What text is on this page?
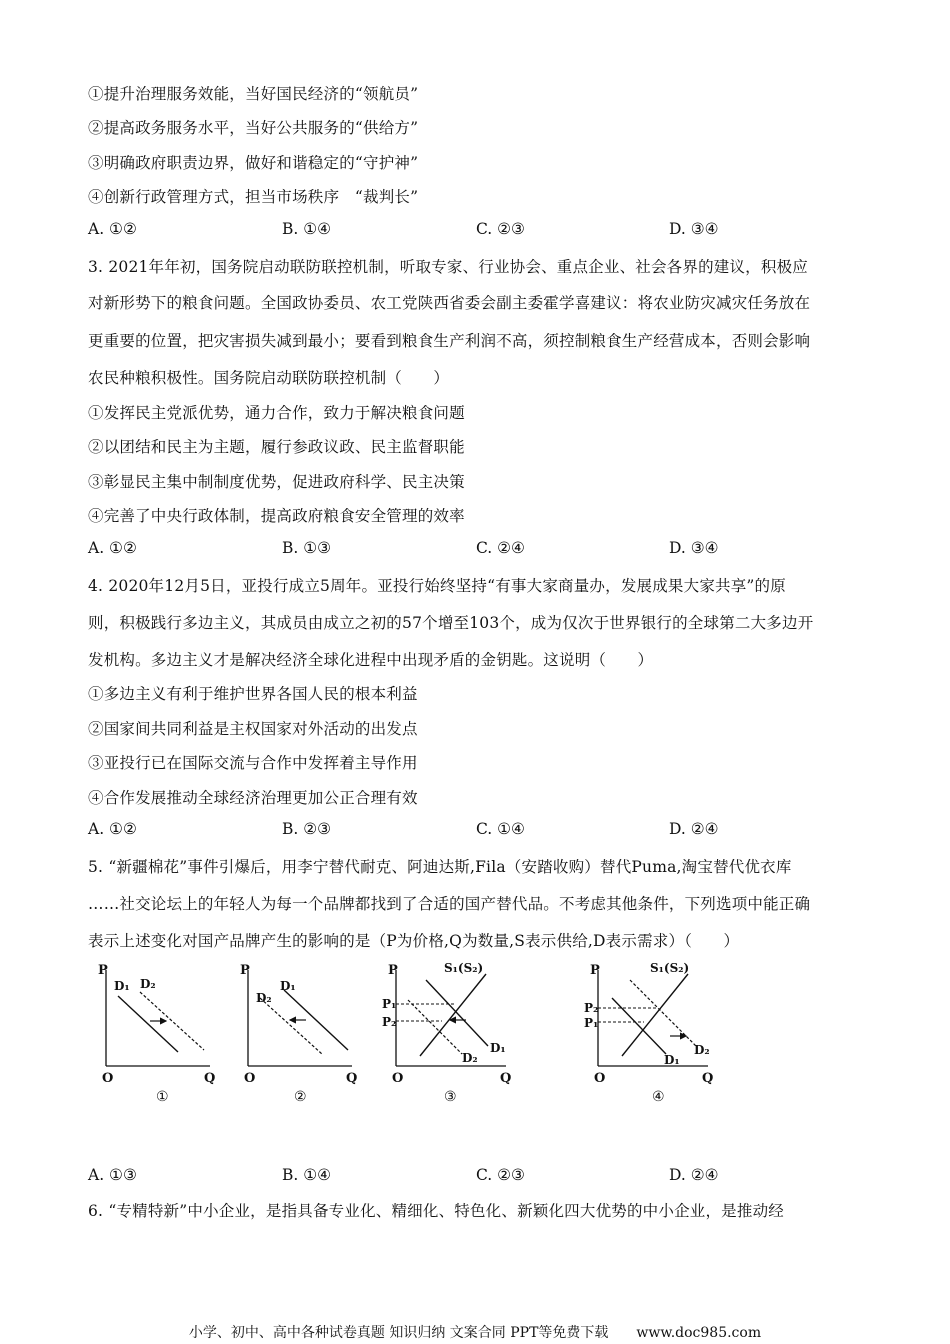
①提升治理服务效能，当好国民经济的“领航员”
②提高政务服务水平，当好公共服务的“供给方”
③明确政府职责边界，做好和谐稳定的“守护神”
④创新行政管理方式，担当市场秩序　“裁判长”
A. ①②	B. ①④	C. ②③	D. ③④
3. 2021年年初，国务院启动联防联控机制，听取专家、行业协会、重点企业、社会各界的建议，积极应
对新形势下的粮食问题。全国政协委员、农工党陕西省委会副主委霍学喜建议：将农业防灾减灾任务放在
更重要的位置，把灾害损失减到最小；要看到粮食生产利润不高，须控制粮食生产经营成本，否则会影响
农民种粮积极性。国务院启动联防联控机制（　　）
①发挥民主党派优势，通力合作，致力于解决粮食问题
②以团结和民主为主题，履行参政议政、民主监督职能
③彰显民主集中制制度优势，促进政府科学、民主决策
④完善了中央行政体制，提高政府粮食安全管理的效率
A. ①②	B. ①③	C. ②④	D. ③④
4. 2020年12月5日，亚投行成立5周年。亚投行始终坚持“有事大家商量办，发展成果大家共享”的原
则，积极践行多边主义，其成员由成立之初的57个增至103个，成为仅次于世界银行的全球第二大多边开
发机构。多边主义才是解决经济全球化进程中出现矛盾的金钥匙。这说明（　　）
①多边主义有利于维护世界各国人民的根本利益
②国家间共同利益是主权国家对外活动的出发点
③亚投行已在国际交流与合作中发挥着主导作用
④合作发展推动全球经济治理更加公正合理有效
A. ①②	B. ②③	C. ①④	D. ②④
5. “新疆棉花”事件引爆后，用李宁替代耐克、阿迪达斯,Fila（安踏收购）替代Puma,淘宝替代优衣库
……社交论坛上的年轻人为每一个品牌都找到了合适的国产替代品。不考虑其他条件，下列选项中能正确
表示上述变化对国产品牌产生的影响的是（P为价格,Q为数量,S表示供给,D表示需求）（　　）
P
D₁ D₂
O	Q
①
P
D₁
D₂
O	Q
②
P	S₁(S₂)
P₁
P₂
D₁
D₂
O	Q
③
P	S₁(S₂)
P₂
P₁
D₂
D₁
O	Q
④
A. ①③	B. ①④	C. ②③	D. ②④
6. “专精特新”中小企业，是指具备专业化、精细化、特色化、新颖化四大优势的中小企业，是推动经
小学、初中、高中各种试卷真题 知识归纳 文案合同 PPT等免费下载　　www.doc985.com
